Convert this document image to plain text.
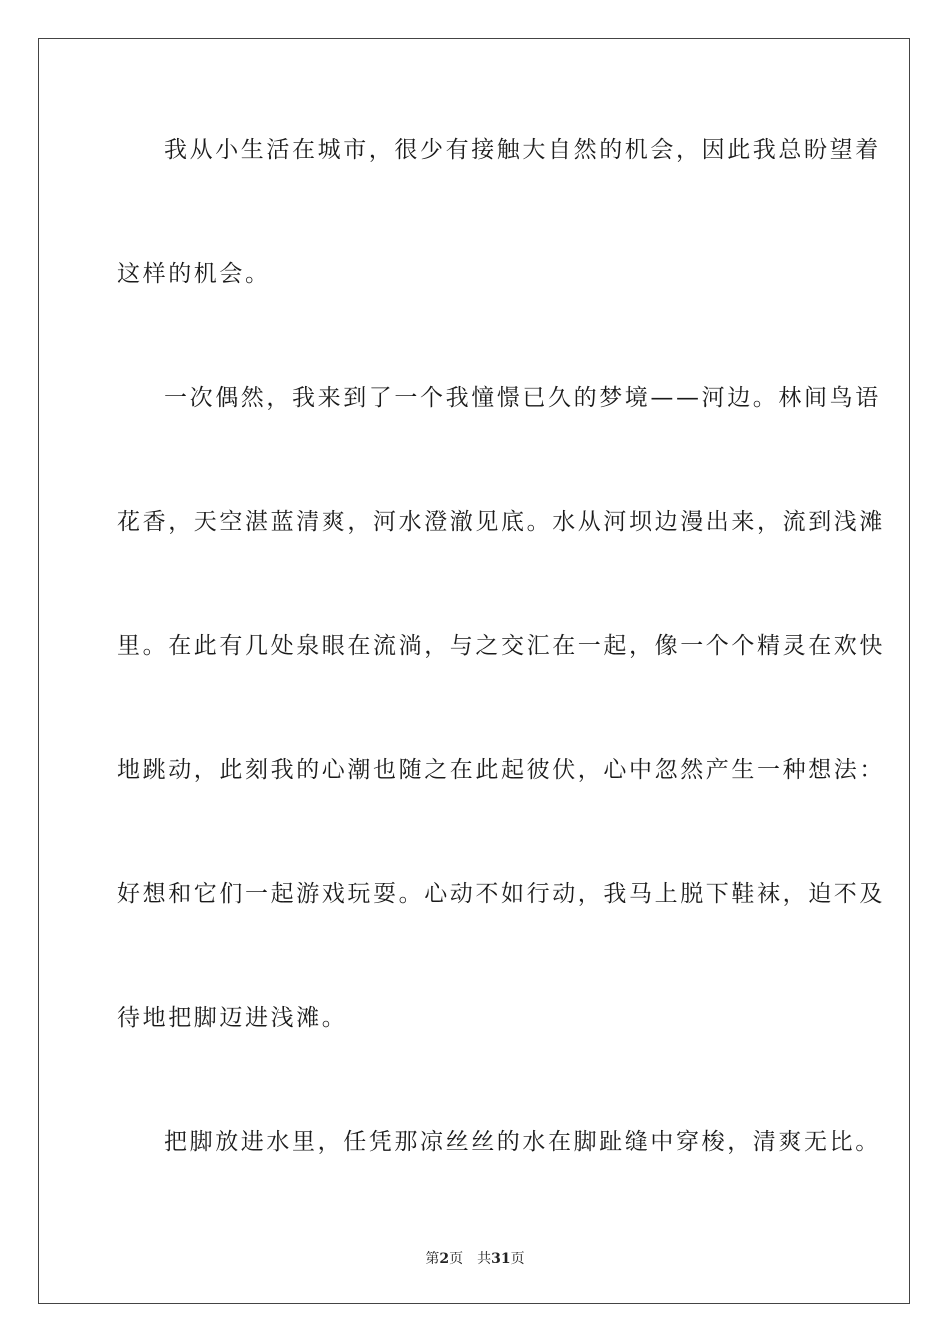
我从小生活在城市，很少有接触大自然的机会，因此我总盼望着
这样的机会。
一次偶然，我来到了一个我憧憬已久的梦境——河边。林间鸟语
花香，天空湛蓝清爽，河水澄澈见底。水从河坝边漫出来，流到浅滩
里。在此有几处泉眼在流淌，与之交汇在一起，像一个个精灵在欢快
地跳动，此刻我的心潮也随之在此起彼伏，心中忽然产生一种想法：
好想和它们一起游戏玩耍。心动不如行动，我马上脱下鞋袜，迫不及
待地把脚迈进浅滩。
把脚放进水里，任凭那凉丝丝的水在脚趾缝中穿梭，清爽无比。
第2页 共31页
